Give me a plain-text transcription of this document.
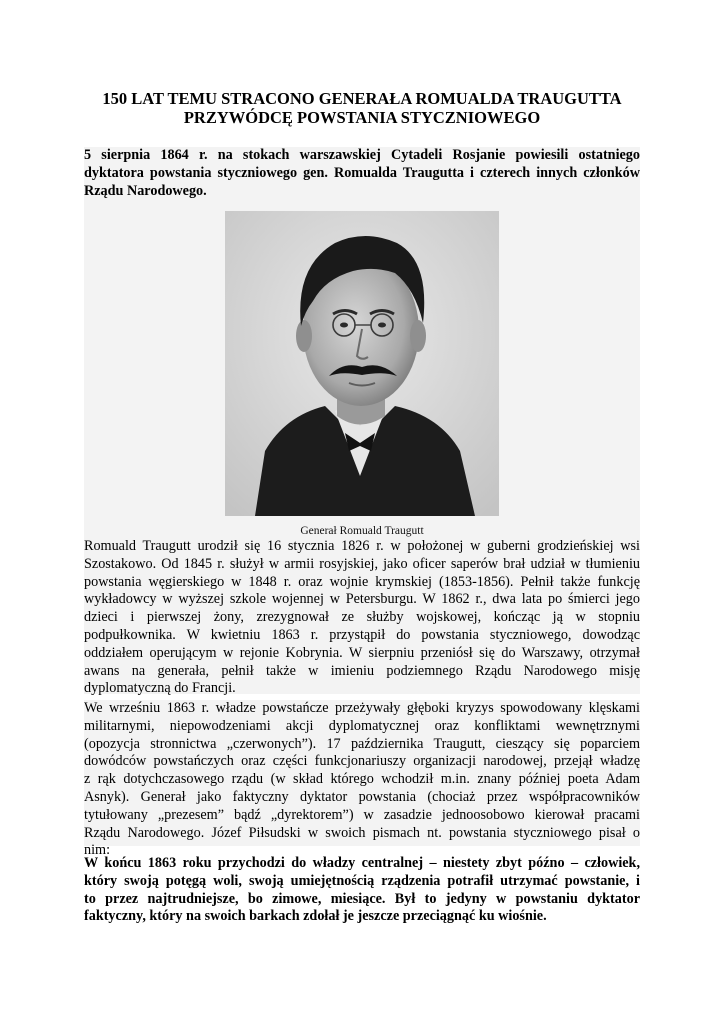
150 LAT TEMU STRACONO GENERAŁA ROMUALDA TRAUGUTTA
PRZYWÓDCĘ POWSTANIA STYCZNIOWEGO
5 sierpnia 1864 r. na stokach warszawskiej Cytadeli Rosjanie powiesili ostatniego
dyktatora powstania styczniowego gen. Romualda Traugutta i czterech innych członków
Rządu Narodowego.
Generał Romuald Traugutt
Romuald Traugutt urodził się 16 stycznia 1826 r. w położonej w guberni grodzieńskiej wsi
Szostakowo. Od 1845 r. służył w armii rosyjskiej, jako oficer saperów brał udział w tłumieniu
powstania węgierskiego w 1848 r. oraz wojnie krymskiej (1853-1856). Pełnił także funkcję
wykładowcy w wyższej szkole wojennej w Petersburgu. W 1862 r., dwa lata po śmierci jego
dzieci i pierwszej żony, zrezygnował ze służby wojskowej, kończąc ją w stopniu
podpułkownika. W kwietniu 1863 r. przystąpił do powstania styczniowego, dowodząc
oddziałem operującym w rejonie Kobrynia. W sierpniu przeniósł się do Warszawy, otrzymał
awans na generała, pełnił także w imieniu podziemnego Rządu Narodowego misję
dyplomatyczną do Francji.
We wrześniu 1863 r. władze powstańcze przeżywały głęboki kryzys spowodowany klęskami
militarnymi, niepowodzeniami akcji dyplomatycznej oraz konfliktami wewnętrznymi
(opozycja stronnictwa „czerwonych”). 17 października Traugutt, cieszący się poparciem
dowódców powstańczych oraz części funkcjonariuszy organizacji narodowej, przejął władzę
z rąk dotychczasowego rządu (w skład którego wchodził m.in. znany później poeta Adam
Asnyk). Generał jako faktyczny dyktator powstania (chociaż przez współpracowników
tytułowany „prezesem” bądź „dyrektorem”) w zasadzie jednoosobowo kierował pracami
Rządu Narodowego. Józef Piłsudski w swoich pismach nt. powstania styczniowego pisał o
nim:
W końcu 1863 roku przychodzi do władzy centralnej – niestety zbyt późno – człowiek,
który swoją potęgą woli, swoją umiejętnością rządzenia potrafił utrzymać powstanie, i
to przez najtrudniejsze, bo zimowe, miesiące. Był to jedyny w powstaniu dyktator
faktyczny, który na swoich barkach zdołał je jeszcze przeciągnąć ku wiośnie.
